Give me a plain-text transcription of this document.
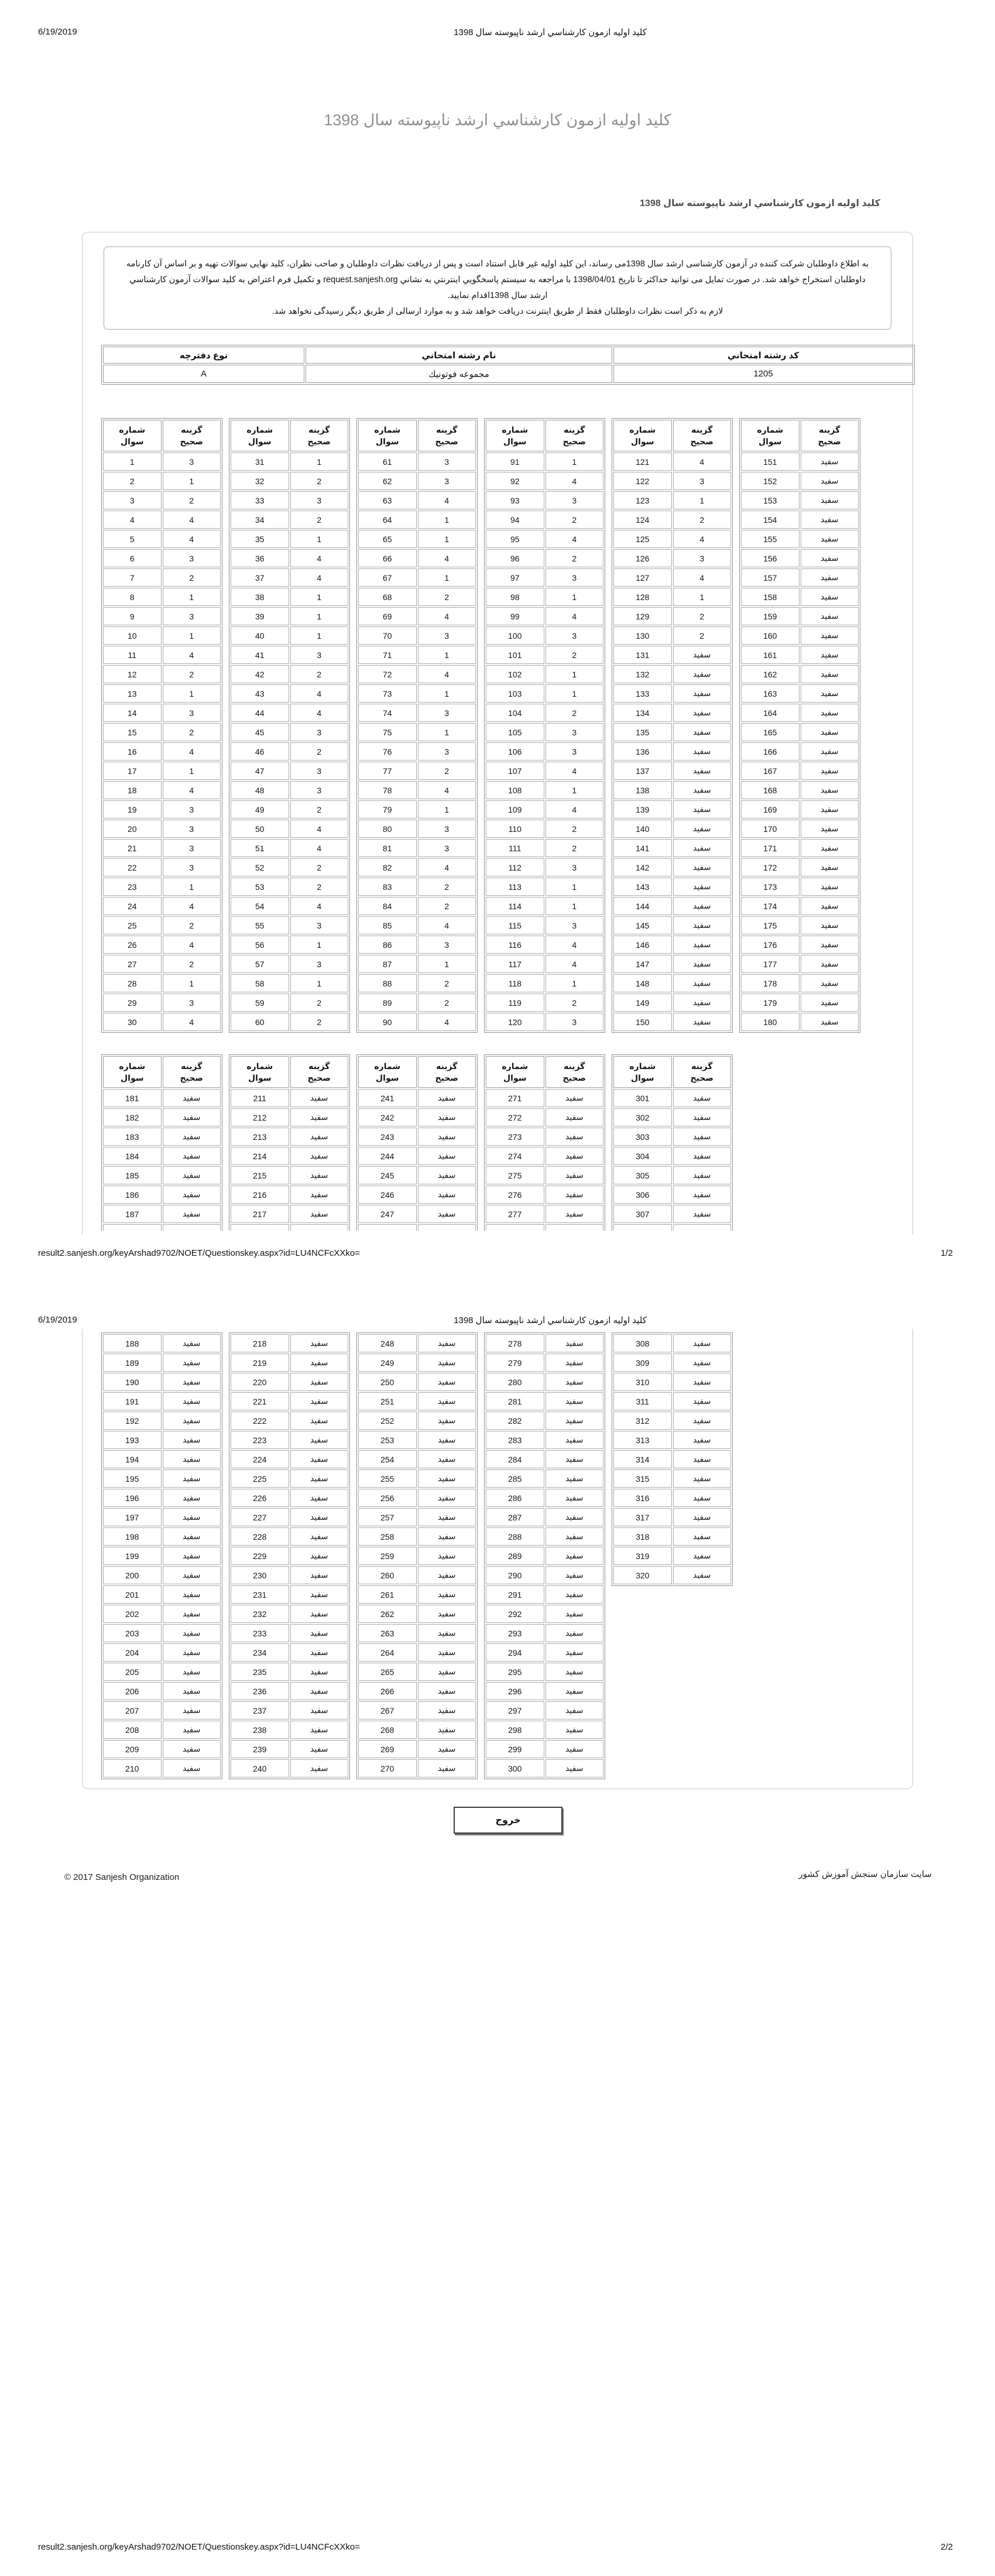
6/19/2019	کلید اولیه ازمون کارشناسي ارشد ناپیوسته سال 1398
کلید اولیه ازمون کارشناسي ارشد ناپیوسته سال 1398
کلید اولیه ازمون کارشناسي ارشد ناپیوسته سال 1398

به اطلاع داوطلبان شرکت کننده در آزمون کارشناسی ارشد سال 1398می رساند، این کلید اولیه غیر قابل استناد است و پس از دریافت نظرات داوطلبان و صاحب نظران، کلید نهایی سوالات تهیه و بر اساس آن کارنامه داوطلبان استخراج خواهد شد. در صورت تمایل می توانید حداکثر تا تاریخ 1398/04/01 با مراجعه به سیستم پاسخگویي اینترنتي به نشاني request.sanjesh.org و تکمیل فرم اعتراض به کلید سوالات آزمون کارشناسي ارشد سال 1398اقدام نمایید.

لازم به ذکر است نظرات داوطلبان فقط از طریق اینترنت دریافت خواهد شد و به موارد ارسالی از طریق دیگر رسیدگی نخواهد شد.

کد رشته امتحاني	نام رشته امتحاني	نوع دفترچه
1205	مجموعه فوتونیك	A
شماره سوال	گزینه صحیح

1	3
2	1
3	2
4	4
5	4
6	3
7	2
8	1
9	3
10	1
11	4
12	2
13	1
14	3
15	2
16	4
17	1
18	4
19	3
20	3
21	3
22	3
23	1
24	4
25	2
26	4
27	2
28	1
29	3
30	4
شماره سوال	گزینه صحیح

31	1
32	2
33	3
34	2
35	1
36	4
37	4
38	1
39	1
40	1
41	3
42	2
43	4
44	4
45	3
46	2
47	3
48	3
49	2
50	4
51	4
52	2
53	2
54	4
55	3
56	1
57	3
58	1
59	2
60	2
شماره سوال	گزینه صحیح

61	3
62	3
63	4
64	1
65	1
66	4
67	1
68	2
69	4
70	3
71	1
72	4
73	1
74	3
75	1
76	3
77	2
78	4
79	1
80	3
81	3
82	4
83	2
84	2
85	4
86	3
87	1
88	2
89	2
90	4
شماره سوال	گزینه صحیح

91	1
92	4
93	3
94	2
95	4
96	2
97	3
98	1
99	4
100	3
101	2
102	1
103	1
104	2
105	3
106	3
107	4
108	1
109	4
110	2
111	2
112	3
113	1
114	1
115	3
116	4
117	4
118	1
119	2
120	3
شماره سوال	گزینه صحیح

121	4
122	3
123	1
124	2
125	4
126	3
127	4
128	1
129	2
130	2
131	سفید
132	سفید
133	سفید
134	سفید
135	سفید
136	سفید
137	سفید
138	سفید
139	سفید
140	سفید
141	سفید
142	سفید
143	سفید
144	سفید
145	سفید
146	سفید
147	سفید
148	سفید
149	سفید
150	سفید
شماره سوال	گزینه صحیح

151	سفید
152	سفید
153	سفید
154	سفید
155	سفید
156	سفید
157	سفید
158	سفید
159	سفید
160	سفید
161	سفید
162	سفید
163	سفید
164	سفید
165	سفید
166	سفید
167	سفید
168	سفید
169	سفید
170	سفید
171	سفید
172	سفید
173	سفید
174	سفید
175	سفید
176	سفید
177	سفید
178	سفید
179	سفید
180	سفید
شماره سوال	گزینه صحیح

181	سفید
182	سفید
183	سفید
184	سفید
185	سفید
186	سفید
187	سفید

شماره سوال	گزینه صحیح

211	سفید
212	سفید
213	سفید
214	سفید
215	سفید
216	سفید
217	سفید

شماره سوال	گزینه صحیح

241	سفید
242	سفید
243	سفید
244	سفید
245	سفید
246	سفید
247	سفید

شماره سوال	گزینه صحیح

271	سفید
272	سفید
273	سفید
274	سفید
275	سفید
276	سفید
277	سفید

شماره سوال	گزینه صحیح

301	سفید
302	سفید
303	سفید
304	سفید
305	سفید
306	سفید
307	سفید

result2.sanjesh.org/keyArshad9702/NOET/Questionskey.aspx?id=LU4NCFcXXko=	1/2
6/19/2019	کلید اولیه ازمون کارشناسي ارشد ناپیوسته سال 1398
188	سفید
189	سفید
190	سفید
191	سفید
192	سفید
193	سفید
194	سفید
195	سفید
196	سفید
197	سفید
198	سفید
199	سفید
200	سفید
201	سفید
202	سفید
203	سفید
204	سفید
205	سفید
206	سفید
207	سفید
208	سفید
209	سفید
210	سفید
218	سفید
219	سفید
220	سفید
221	سفید
222	سفید
223	سفید
224	سفید
225	سفید
226	سفید
227	سفید
228	سفید
229	سفید
230	سفید
231	سفید
232	سفید
233	سفید
234	سفید
235	سفید
236	سفید
237	سفید
238	سفید
239	سفید
240	سفید
248	سفید
249	سفید
250	سفید
251	سفید
252	سفید
253	سفید
254	سفید
255	سفید
256	سفید
257	سفید
258	سفید
259	سفید
260	سفید
261	سفید
262	سفید
263	سفید
264	سفید
265	سفید
266	سفید
267	سفید
268	سفید
269	سفید
270	سفید
278	سفید
279	سفید
280	سفید
281	سفید
282	سفید
283	سفید
284	سفید
285	سفید
286	سفید
287	سفید
288	سفید
289	سفید
290	سفید
291	سفید
292	سفید
293	سفید
294	سفید
295	سفید
296	سفید
297	سفید
298	سفید
299	سفید
300	سفید
308	سفید
309	سفید
310	سفید
311	سفید
312	سفید
313	سفید
314	سفید
315	سفید
316	سفید
317	سفید
318	سفید
319	سفید
320	سفید
خروج
© 2017 Sanjesh Organization	سایت سازمان سنجش آموزش کشور
result2.sanjesh.org/keyArshad9702/NOET/Questionskey.aspx?id=LU4NCFcXXko=	2/2
